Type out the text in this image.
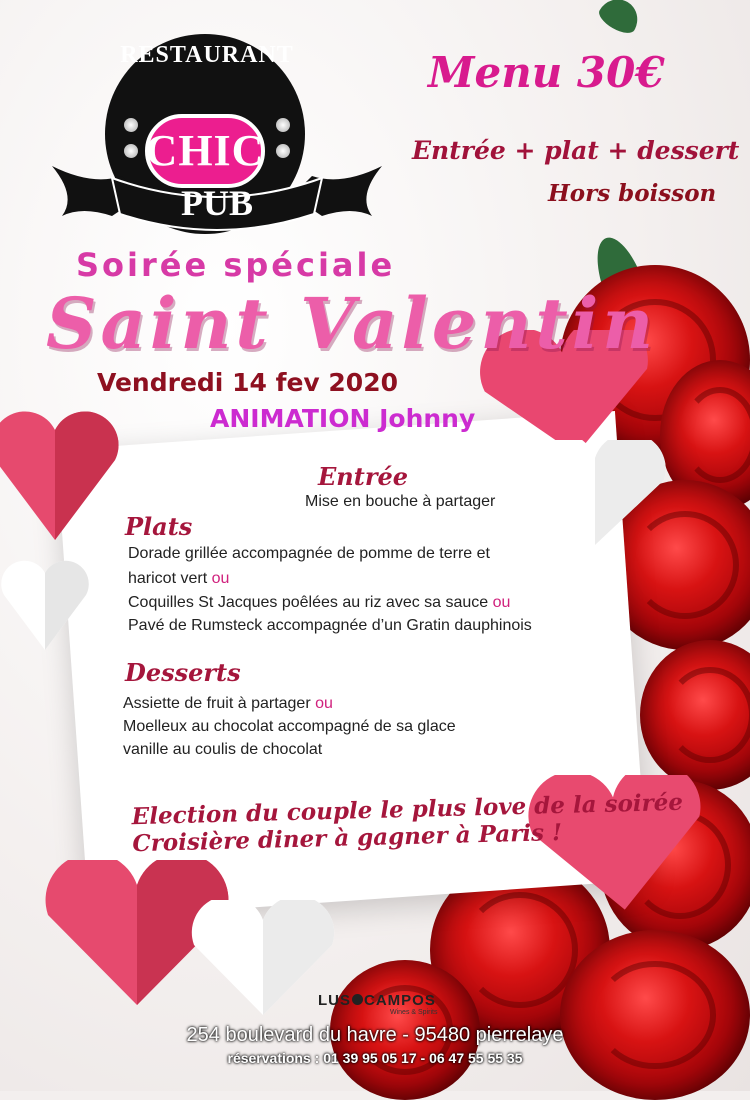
RESTAURANT
CHIC
PUB
Menu 30€
Entrée + plat + dessert
Hors boisson
Soirée spéciale
Saint Valentin
Vendredi 14 fev 2020
ANIMATION Johnny
Entrée
Mise en bouche à partager
Plats
Dorade grillée accompagnée de pomme de terre et
haricot vert ou
Coquilles St Jacques poêlées au riz avec sa sauce ou
Pavé de Rumsteck accompagnée d’un Gratin dauphinois
Desserts
Assiette de fruit à partager ou
Moelleux au chocolat accompagné de sa glace
vanille au coulis de chocolat
Election du couple le plus love de la soirée
Croisière diner à gagner à Paris !
LUS CAMPOS
Wines & Spirits
254 boulevard du havre - 95480 pierrelaye
réservations : 01 39 95 05 17 - 06 47 55 55 35
